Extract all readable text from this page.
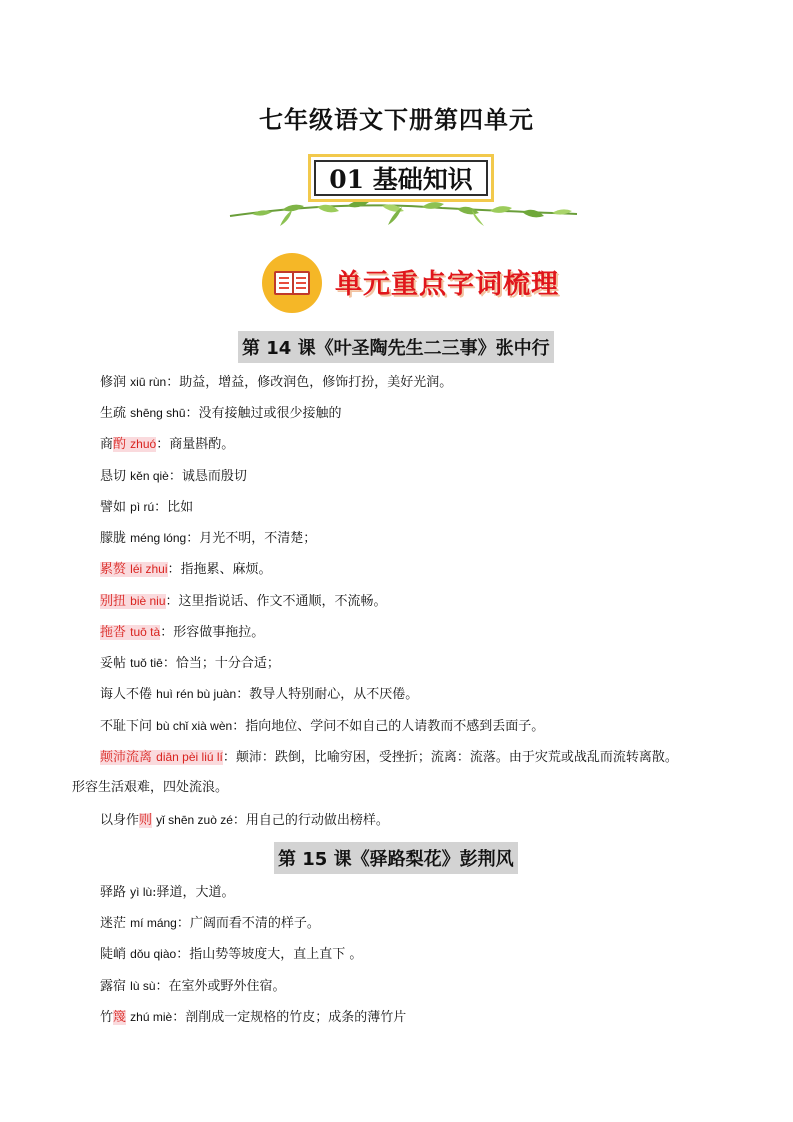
七年级语文下册第四单元
01 基础知识
单元重点字词梳理
第 14 课《叶圣陶先生二三事》张中行
第 15 课《驿路梨花》彭荆风
修润 xiū rùn：助益，增益，修改润色，修饰打扮，美好光润。
生疏 shēng shū：没有接触过或很少接触的
商酌 zhuó：商量斟酌。
恳切 kěn qiè：诚恳而殷切
譬如 pì rú：比如
朦胧 méng lóng：月光不明，不清楚；
累赘 léi zhui：指拖累、麻烦。
别扭 biè niu：这里指说话、作文不通顺，不流畅。
拖沓 tuō tà：形容做事拖拉。
妥帖 tuǒ tiē：恰当；十分合适；
诲人不倦 huì rén bù juàn：教导人特别耐心，从不厌倦。
不耻下问 bù chǐ xià wèn：指向地位、学问不如自己的人请教而不感到丢面子。
颠沛流离 diān pèi liú lí：颠沛：跌倒，比喻穷困，受挫折；流离：流落。由于灾荒或战乱而流转离散。
形容生活艰难，四处流浪。
以身作则 yǐ shēn zuò zé：用自己的行动做出榜样。
驿路 yì lù:驿道，大道。
迷茫 mí máng：广阔而看不清的样子。
陡峭 dǒu qiào：指山势等坡度大，直上直下 。
露宿 lù sù：在室外或野外住宿。
竹篾 zhú miè：剖削成一定规格的竹皮；成条的薄竹片
